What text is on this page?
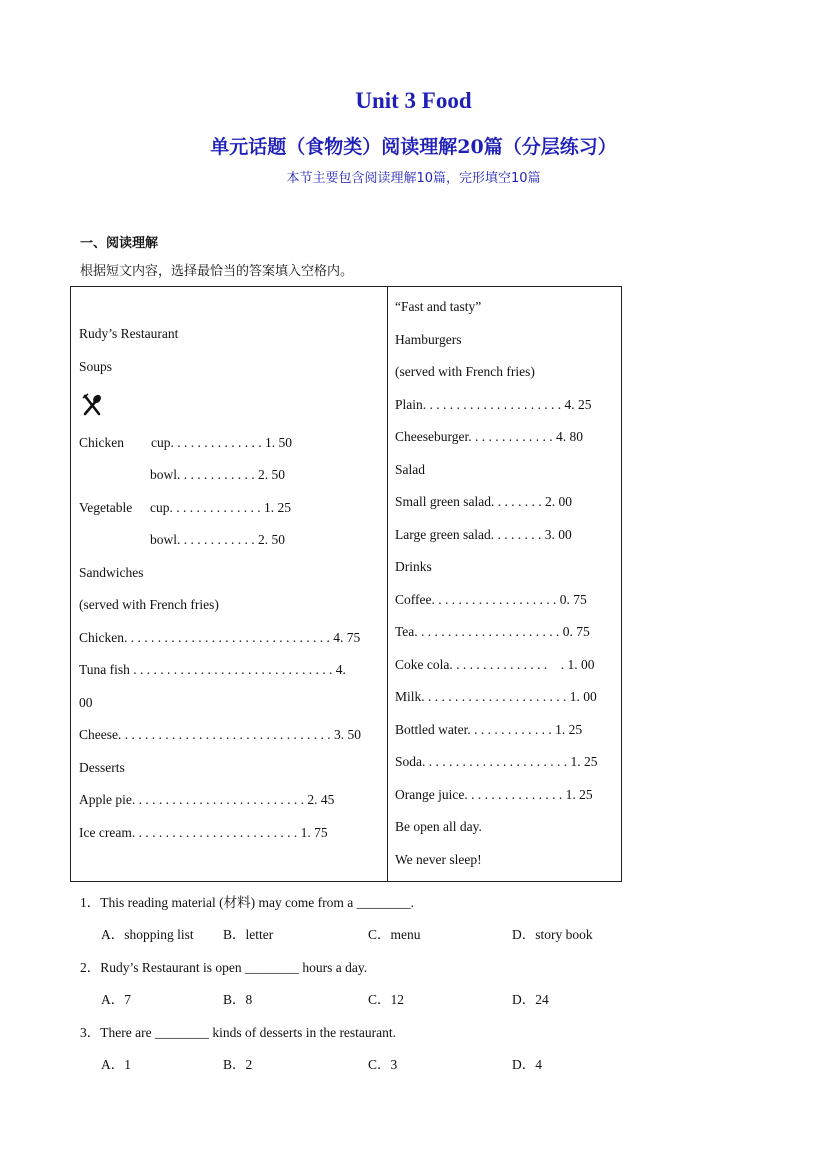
Unit 3 Food
单元话题（食物类）阅读理解20篇（分层练习）
本节主要包含阅读理解10篇，完形填空10篇
一、阅读理解
根据短文内容，选择最恰当的答案填入空格内。
Rudy’s Restaurant
Soups
Chicken cup. . . . . . . . . . . . . . 1. 50
bowl. . . . . . . . . . . . 2. 50
Vegetable cup. . . . . . . . . . . . . . 1. 25
bowl. . . . . . . . . . . . 2. 50
Sandwiches
(served with French fries)
Chicken. . . . . . . . . . . . . . . . . . . . . . . . . . . . . . . 4. 75
Tuna fish . . . . . . . . . . . . . . . . . . . . . . . . . . . . . . 4.
00
Cheese. . . . . . . . . . . . . . . . . . . . . . . . . . . . . . . . 3. 50
Desserts
Apple pie. . . . . . . . . . . . . . . . . . . . . . . . . . 2. 45
Ice cream. . . . . . . . . . . . . . . . . . . . . . . . . 1. 75
“Fast and tasty”
Hamburgers
(served with French fries)
Plain. . . . . . . . . . . . . . . . . . . . . 4. 25
Cheeseburger. . . . . . . . . . . . . 4. 80
Salad
Small green salad. . . . . . . . 2. 00
Large green salad. . . . . . . . 3. 00
Drinks
Coffee. . . . . . . . . . . . . . . . . . . 0. 75
Tea. . . . . . . . . . . . . . . . . . . . . . 0. 75
Coke cola. . . . . . . . . . . . . . .    . 1. 00
Milk. . . . . . . . . . . . . . . . . . . . . . 1. 00
Bottled water. . . . . . . . . . . . . 1. 25
Soda. . . . . . . . . . . . . . . . . . . . . . 1. 25
Orange juice. . . . . . . . . . . . . . . 1. 25
Be open all day.
We never sleep!
1．This reading material (材料) may come from a ________.
A．shopping list B．letter	C．menu	D．story book
2．Rudy’s Restaurant is open ________ hours a day.
A．7	B．8	C．12	D．24
3．There are ________ kinds of desserts in the restaurant.
A．1	B．2	C．3	D．4
